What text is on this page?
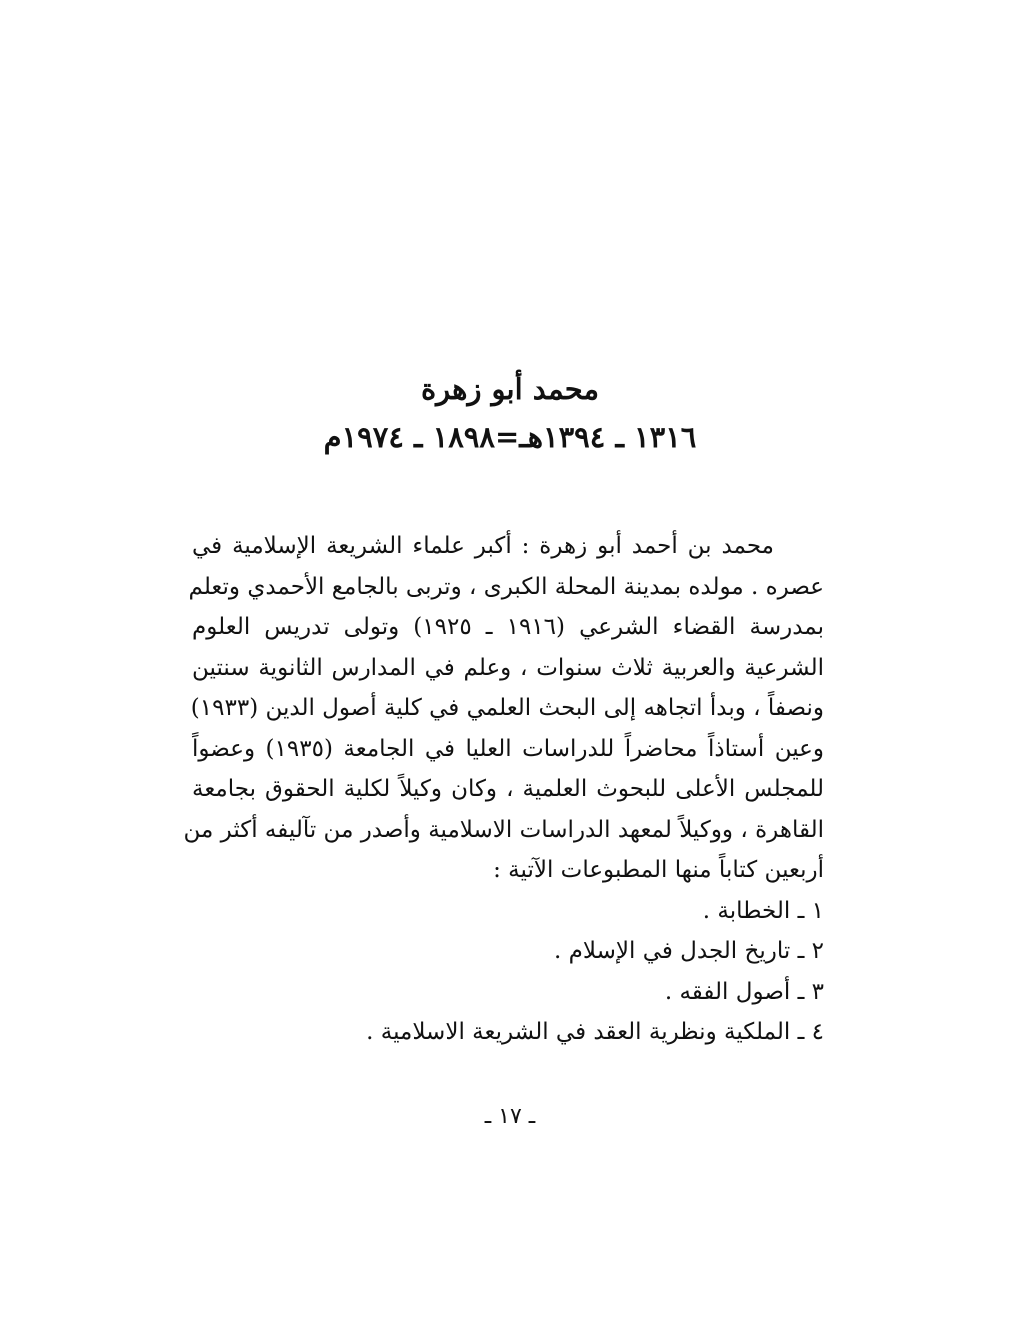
محمد أبو زهرة
١٣١٦ ـ ١٣٩٤هـ=١٨٩٨ ـ ١٩٧٤م
محمد بن أحمد أبو زهرة : أكبر علماء الشريعة الإسلامية في
عصره . مولده بمدينة المحلة الكبرى ، وتربى بالجامع الأحمدي وتعلم
بمدرسة القضاء الشرعي (١٩١٦ ـ ١٩٢٥) وتولى تدريس العلوم
الشرعية والعربية ثلاث سنوات ، وعلم في المدارس الثانوية سنتين
ونصفاً ، وبدأ اتجاهه إلى البحث العلمي في كلية أصول الدين (١٩٣٣)
وعين أستاذاً محاضراً للدراسات العليا في الجامعة (١٩٣٥) وعضواً
للمجلس الأعلى للبحوث العلمية ، وكان وكيلاً لكلية الحقوق بجامعة
القاهرة ، ووكيلاً لمعهد الدراسات الاسلامية وأصدر من تآليفه أكثر من
أربعين كتاباً منها المطبوعات الآتية :
١ ـ الخطابة .
٢ ـ تاريخ الجدل في الإسلام .
٣ ـ أصول الفقه .
٤ ـ الملكية ونظرية العقد في الشريعة الاسلامية .
ـ ١٧ ـ
